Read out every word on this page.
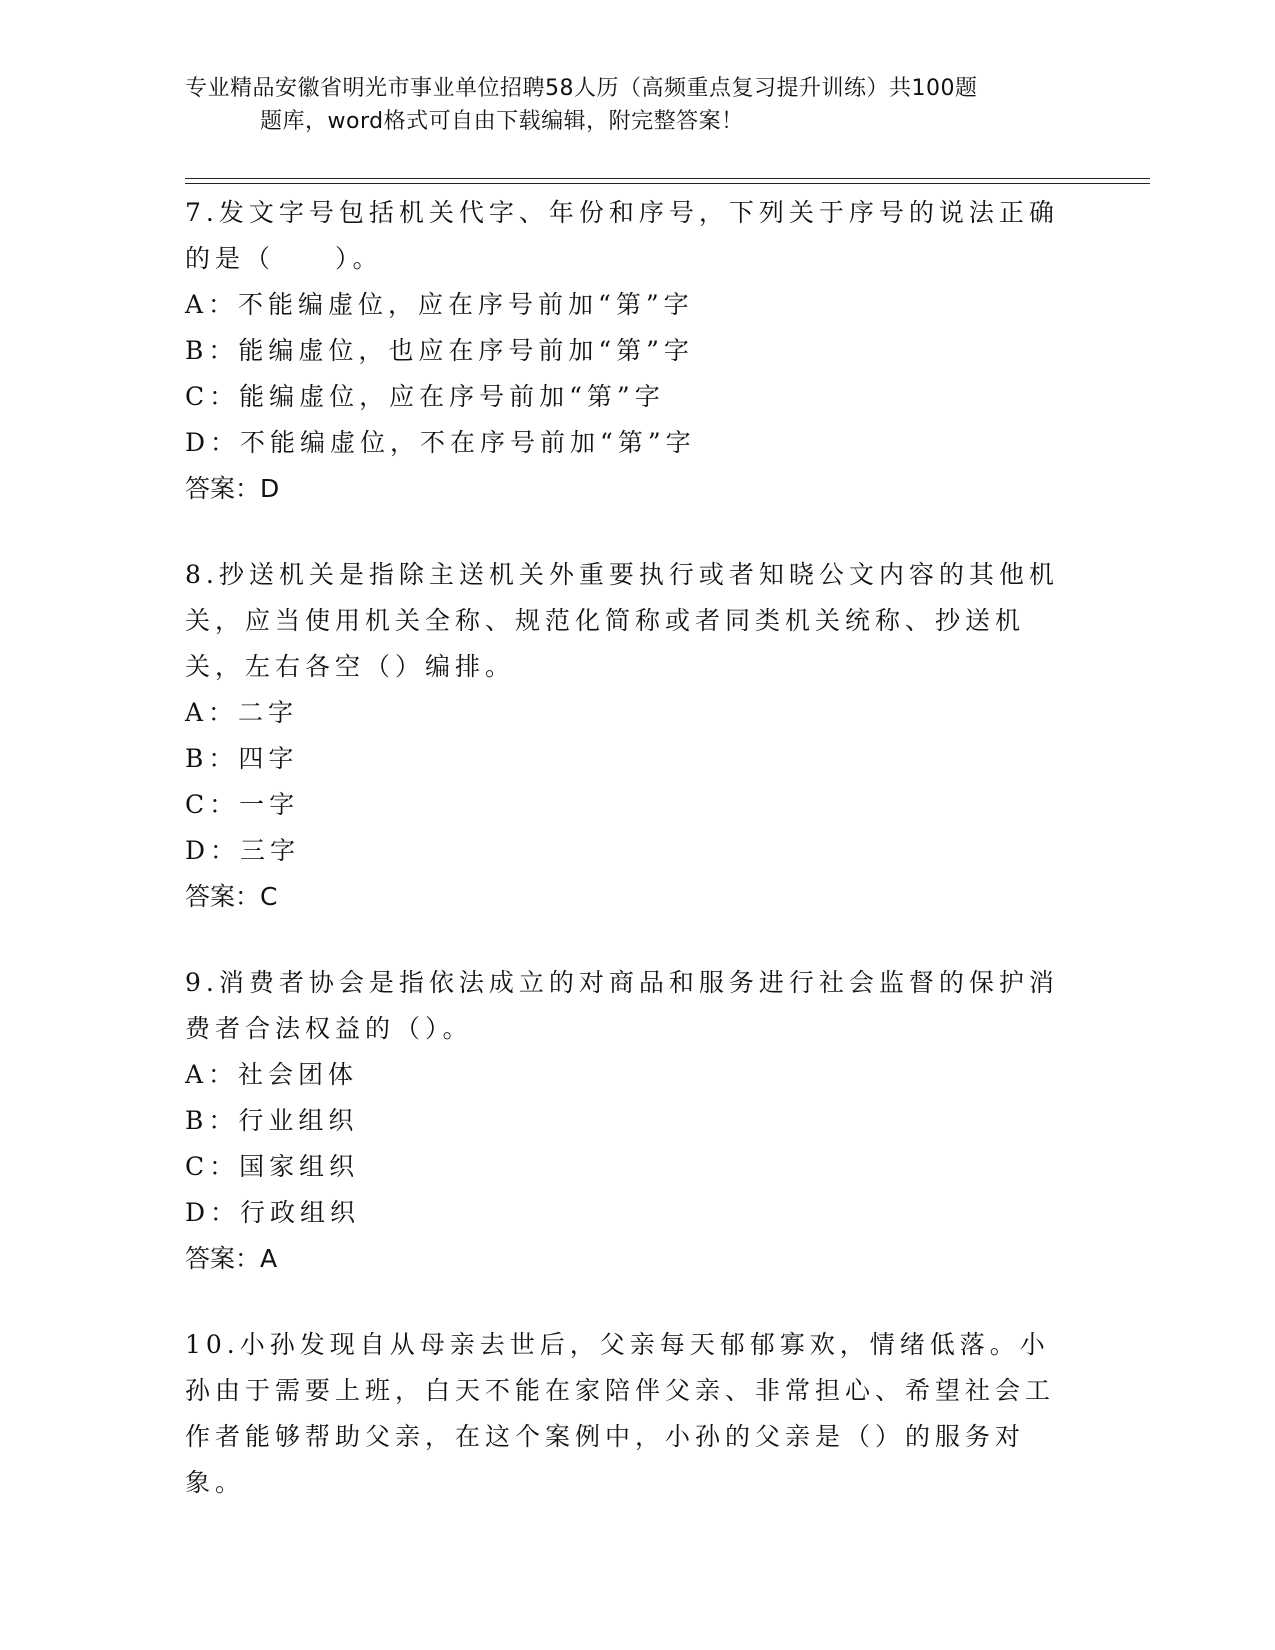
专业精品安徽省明光市事业单位招聘58人历（高频重点复习提升训练）共100题
题库，word格式可自由下载编辑，附完整答案！

7.发文字号包括机关代字、年份和序号，下列关于序号的说法正确的是（　　）。

A：不能编虚位，应在序号前加“第”字

B：能编虚位，也应在序号前加“第”字

C：能编虚位，应在序号前加“第”字

D：不能编虚位，不在序号前加“第”字

答案：D

8.抄送机关是指除主送机关外重要执行或者知晓公文内容的其他机关，应当使用机关全称、规范化简称或者同类机关统称、抄送机关，左右各空（）编排。

A：二字

B：四字

C：一字

D：三字

答案：C

9.消费者协会是指依法成立的对商品和服务进行社会监督的保护消费者合法权益的（）。

A：社会团体

B：行业组织

C：国家组织

D：行政组织

答案：A

10.小孙发现自从母亲去世后，父亲每天郁郁寡欢，情绪低落。小孙由于需要上班，白天不能在家陪伴父亲、非常担心、希望社会工作者能够帮助父亲，在这个案例中，小孙的父亲是（）的服务对象。
